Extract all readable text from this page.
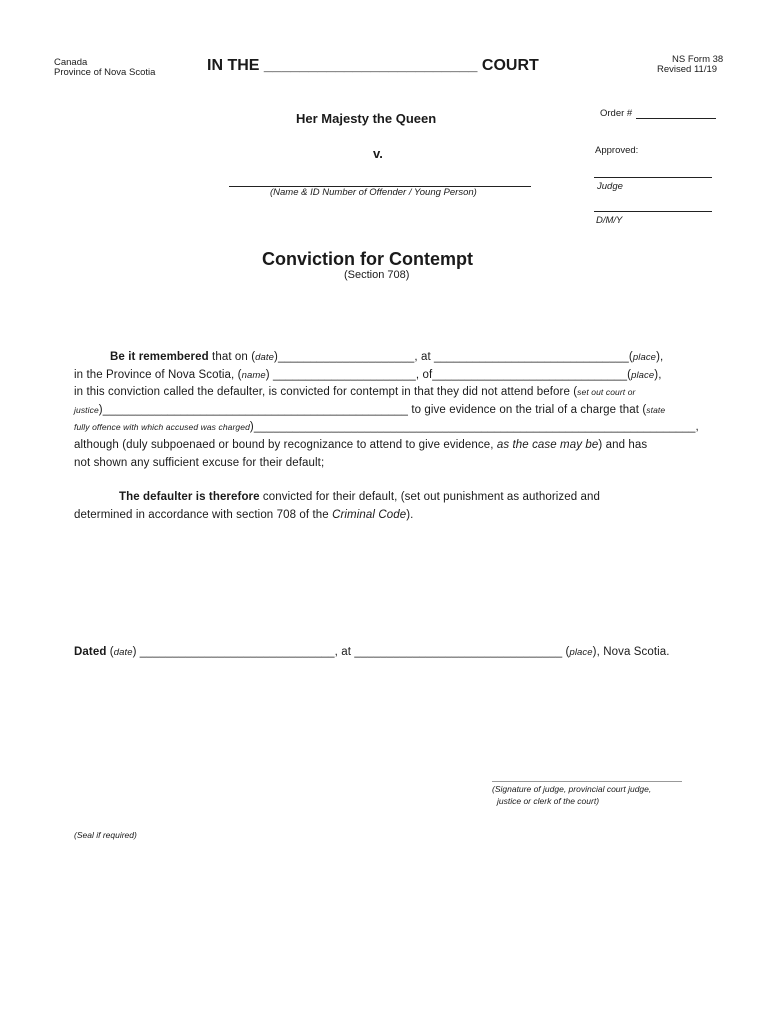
Canada
Province of Nova Scotia	IN THE ________________________ COURT	NS Form 38
Revised 11/19
Order #
Approved:
Judge
D/M/Y
Her Majesty the Queen
v.
(Name & ID Number of Offender / Young Person)
Conviction for Contempt
(Section 708)
Be it remembered that on (date)_____________________, at ______________________________(place),
in the Province of Nova Scotia, (name) ______________________, of______________________________(place),
in this conviction called the defaulter, is convicted for contempt in that they did not attend before (set out court or
justice)_______________________________________________ to give evidence on the trial of a charge that (state
fully offence with which accused was charged)____________________________________________________________________,
although (duly subpoenaed or bound by recognizance to attend to give evidence, as the case may be) and has
not shown any sufficient excuse for their default;
The defaulter is therefore convicted for their default, (set out punishment as authorized and
determined in accordance with section 708 of the Criminal Code).
Dated (date) ______________________________, at ________________________________ (place), Nova Scotia.
(Signature of judge, provincial court judge,
justice or clerk of the court)
(Seal if required)
